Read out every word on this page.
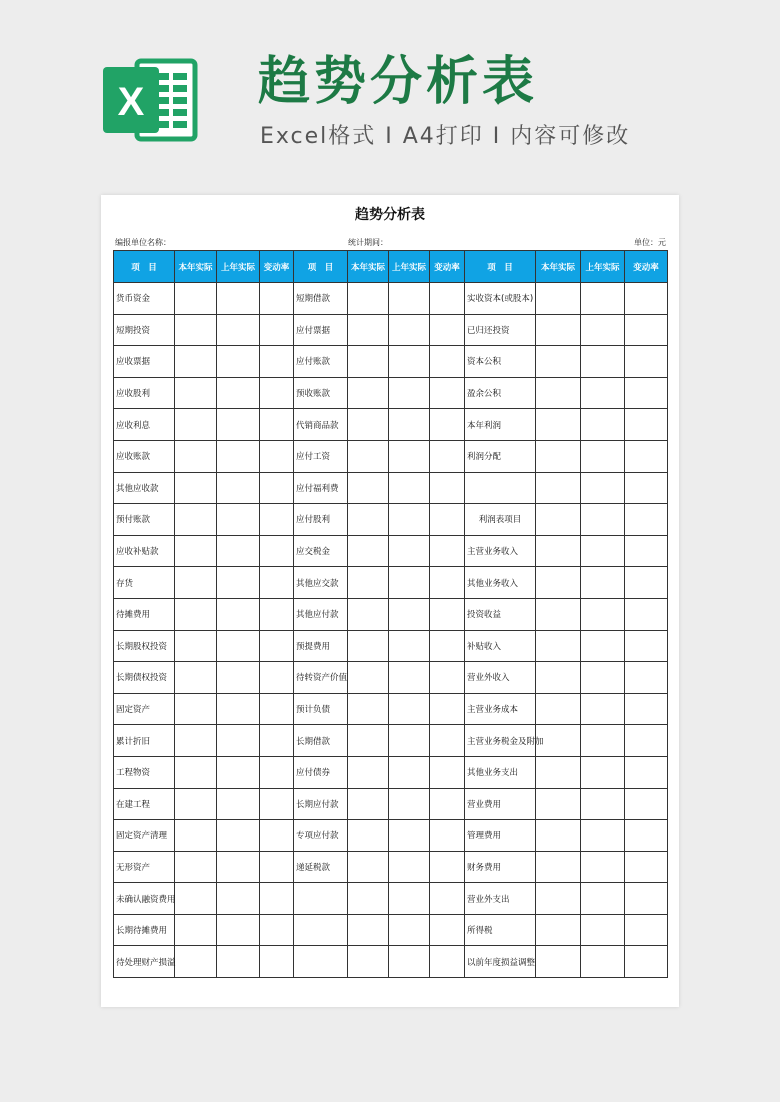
X 趋势分析表
Excel格式 I A4打印 I 内容可修改
趋势分析表
编报单位名称：	统计期间：	单位：元
项　目	本年实际	上年实际	变动率	项　目	本年实际	上年实际	变动率	项　目	本年实际	上年实际	变动率
货币资金				短期借款				实收资本(或股本)			
短期投资				应付票据				已归还投资			
应收票据				应付账款				资本公积			
应收股利				预收账款				盈余公积			
应收利息				代销商品款				本年利润			
应收账款				应付工资				利润分配			
其他应收款				应付福利费							
预付账款				应付股利				利润表项目			
应收补贴款				应交税金				主营业务收入			
存货				其他应交款				其他业务收入			
待摊费用				其他应付款				投资收益			
长期股权投资				预提费用				补贴收入			
长期债权投资				待转资产价值				营业外收入			
固定资产				预计负债				主营业务成本			
累计折旧				长期借款				主营业务税金及附加			
工程物资				应付债券				其他业务支出			
在建工程				长期应付款				营业费用			
固定资产清理				专项应付款				管理费用			
无形资产				递延税款				财务费用			
未确认融资费用								营业外支出			
长期待摊费用								所得税			
待处理财产损溢								以前年度损益调整			
